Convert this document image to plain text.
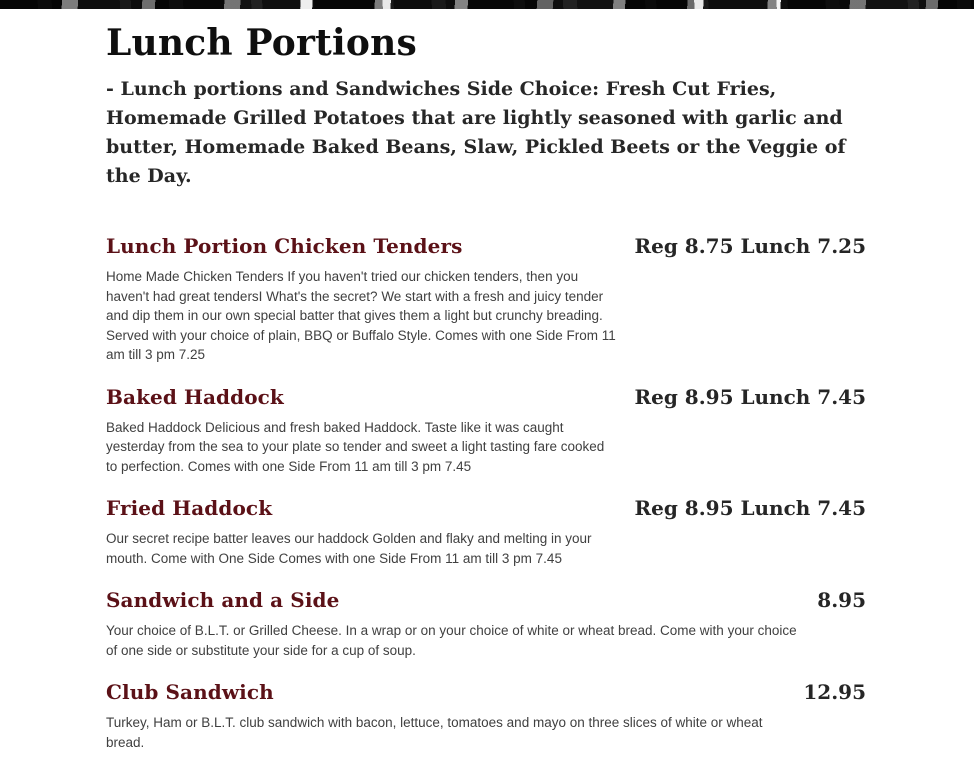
Lunch Portions

- Lunch portions and Sandwiches Side Choice: Fresh Cut Fries, Homemade Grilled Potatoes that are lightly seasoned with garlic and butter, Homemade Baked Beans, Slaw, Pickled Beets or the Veggie of the Day.

Lunch Portion Chicken Tenders

Home Made Chicken Tenders If you haven't tried our chicken tenders, then you haven't had great tendersI What's the secret? We start with a fresh and juicy tender and dip them in our own special batter that gives them a light but crunchy breading. Served with your choice of plain, BBQ or Buffalo Style. Comes with one Side From 11 am till 3 pm 7.25

Reg 8.75 Lunch 7.25
Baked Haddock

Baked Haddock Delicious and fresh baked Haddock. Taste like it was caught yesterday from the sea to your plate so tender and sweet a light tasting fare cooked to perfection. Comes with one Side From 11 am till 3 pm 7.45

Reg 8.95 Lunch 7.45
Fried Haddock

Our secret recipe batter leaves our haddock Golden and flaky and melting in your mouth. Come with One Side Comes with one Side From 11 am till 3 pm 7.45

Reg 8.95 Lunch 7.45
Sandwich and a Side

Your choice of B.L.T. or Grilled Cheese. In a wrap or on your choice of white or wheat bread. Come with your choice of one side or substitute your side for a cup of soup.

8.95
Club Sandwich

Turkey, Ham or B.L.T. club sandwich with bacon, lettuce, tomatoes and mayo on three slices of white or wheat bread.

12.95
